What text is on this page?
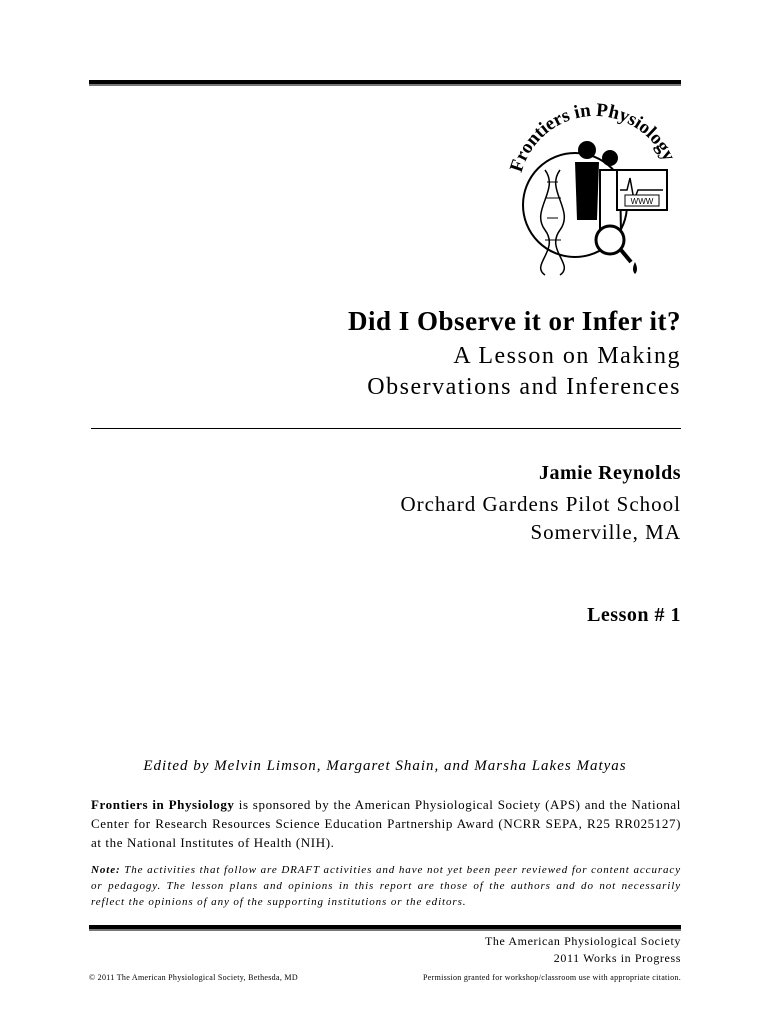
Frontiers in Physiology
WWW
Did I Observe it or Infer it?
A Lesson on Making
Observations and Inferences
Jamie Reynolds
Orchard Gardens Pilot School
Somerville, MA
Lesson # 1
Edited by Melvin Limson, Margaret Shain, and Marsha Lakes Matyas
Frontiers in Physiology is sponsored by the American Physiological Society (APS) and the National Center for Research Resources Science Education Partnership Award (NCRR SEPA, R25 RR025127) at the National Institutes of Health (NIH).
Note: The activities that follow are DRAFT activities and have not yet been peer reviewed for content accuracy or pedagogy. The lesson plans and opinions in this report are those of the authors and do not necessarily reflect the opinions of any of the supporting institutions or the editors.
The American Physiological Society
2011 Works in Progress
© 2011 The American Physiological Society, Bethesda, MD	Permission granted for workshop/classroom use with appropriate citation.
